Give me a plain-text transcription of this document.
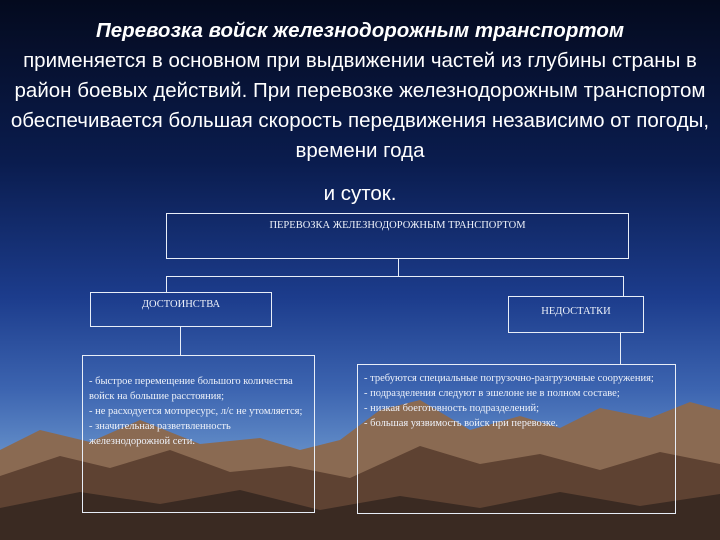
Перевозка войск железнодорожным транспортом
применяется в основном при выдвижении частей из глубины страны в район боевых действий. При перевозке железнодорожным транспортом обеспечивается большая скорость передвижения независимо от погоды, времени года
и суток.
ПЕРЕВОЗКА ЖЕЛЕЗНОДОРОЖНЫМ ТРАНСПОРТОМ
ДОСТОИНСТВА
НЕДОСТАТКИ
- быстрое перемещение большого количества войск на большие расстояния;
- не расходуется моторесурс, л/с не утомляется;
- значительная разветвленность железнодорожной сети.
- требуются специальные погрузочно-разгрузочные сооружения;
- подразделения следуют в эшелоне не в полном составе;
- низкая боеготовность подразделений;
- большая уязвимость войск при перевозке.
